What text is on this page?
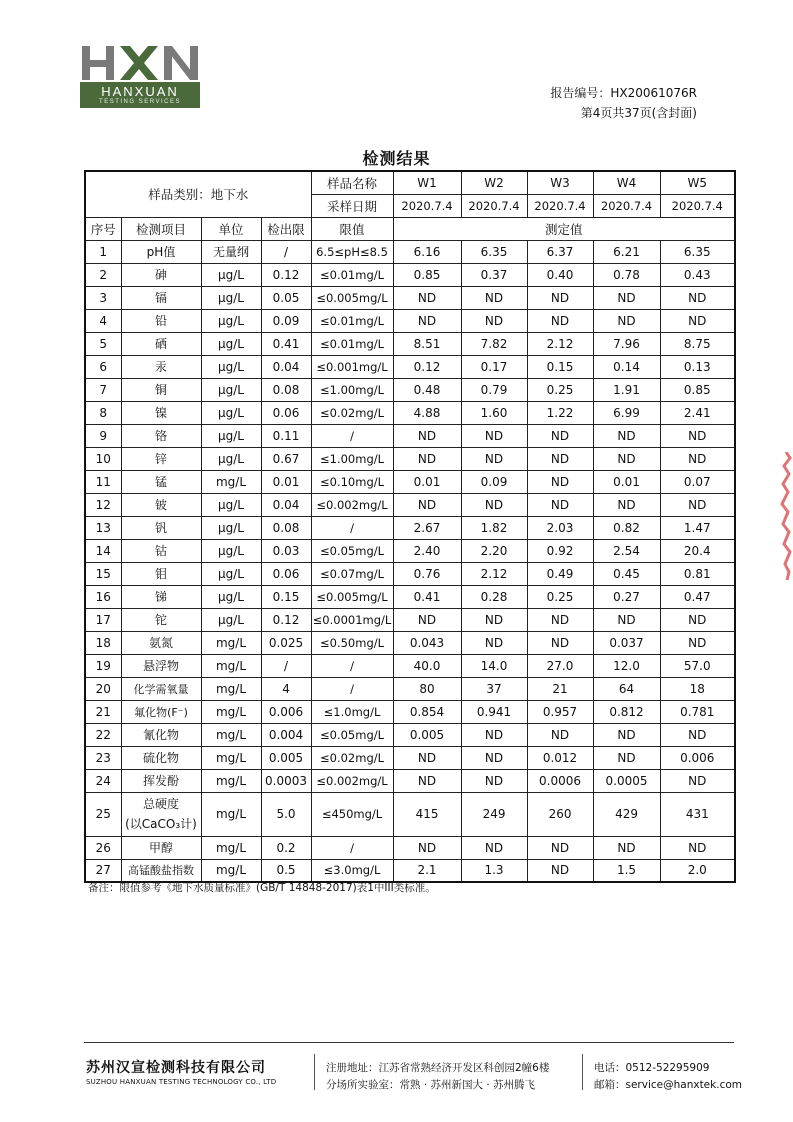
HANXUAN
TESTING SERVICES
报告编号：HX20061076R
第4页共37页(含封面)
检测结果
样品类别：地下水				样品名称	W1	W2	W3	W4	W5
				采样日期	2020.7.4	2020.7.4	2020.7.4	2020.7.4	2020.7.4
序号	检测项目	单位	检出限	限值	测定值				
1	pH值	无量纲	/	6.5≤pH≤8.5	6.16	6.35	6.37	6.21	6.35
2	砷	μg/L	0.12	≤0.01mg/L	0.85	0.37	0.40	0.78	0.43
3	镉	μg/L	0.05	≤0.005mg/L	ND	ND	ND	ND	ND
4	铅	μg/L	0.09	≤0.01mg/L	ND	ND	ND	ND	ND
5	硒	μg/L	0.41	≤0.01mg/L	8.51	7.82	2.12	7.96	8.75
6	汞	μg/L	0.04	≤0.001mg/L	0.12	0.17	0.15	0.14	0.13
7	铜	μg/L	0.08	≤1.00mg/L	0.48	0.79	0.25	1.91	0.85
8	镍	μg/L	0.06	≤0.02mg/L	4.88	1.60	1.22	6.99	2.41
9	铬	μg/L	0.11	/	ND	ND	ND	ND	ND
10	锌	μg/L	0.67	≤1.00mg/L	ND	ND	ND	ND	ND
11	锰	mg/L	0.01	≤0.10mg/L	0.01	0.09	ND	0.01	0.07
12	铍	μg/L	0.04	≤0.002mg/L	ND	ND	ND	ND	ND
13	钒	μg/L	0.08	/	2.67	1.82	2.03	0.82	1.47
14	钴	μg/L	0.03	≤0.05mg/L	2.40	2.20	0.92	2.54	20.4
15	钼	μg/L	0.06	≤0.07mg/L	0.76	2.12	0.49	0.45	0.81
16	锑	μg/L	0.15	≤0.005mg/L	0.41	0.28	0.25	0.27	0.47
17	铊	μg/L	0.12	≤0.0001mg/L	ND	ND	ND	ND	ND
18	氨氮	mg/L	0.025	≤0.50mg/L	0.043	ND	ND	0.037	ND
19	悬浮物	mg/L	/	/	40.0	14.0	27.0	12.0	57.0
20	化学需氧量	mg/L	4	/	80	37	21	64	18
21	氟化物(F⁻)	mg/L	0.006	≤1.0mg/L	0.854	0.941	0.957	0.812	0.781
22	氰化物	mg/L	0.004	≤0.05mg/L	0.005	ND	ND	ND	ND
23	硫化物	mg/L	0.005	≤0.02mg/L	ND	ND	0.012	ND	0.006
24	挥发酚	mg/L	0.0003	≤0.002mg/L	ND	ND	0.0006	0.0005	ND
25	总硬度
(以CaCO₃计)	mg/L	5.0	≤450mg/L	415	249	260	429	431
26	甲醇	mg/L	0.2	/	ND	ND	ND	ND	ND
27	高锰酸盐指数	mg/L	0.5	≤3.0mg/L	2.1	1.3	ND	1.5	2.0
备注：限值参考《地下水质量标准》(GB/T 14848-2017)表1中III类标准。
苏州汉宣检测科技有限公司
SUZHOU HANXUAN TESTING TECHNOLOGY CO., LTD
注册地址：江苏省常熟经济开发区科创园2幢6楼
分场所实验室：常熟 · 苏州新国大 · 苏州腾飞
电话：0512-52295909
邮箱：service@hanxtek.com
